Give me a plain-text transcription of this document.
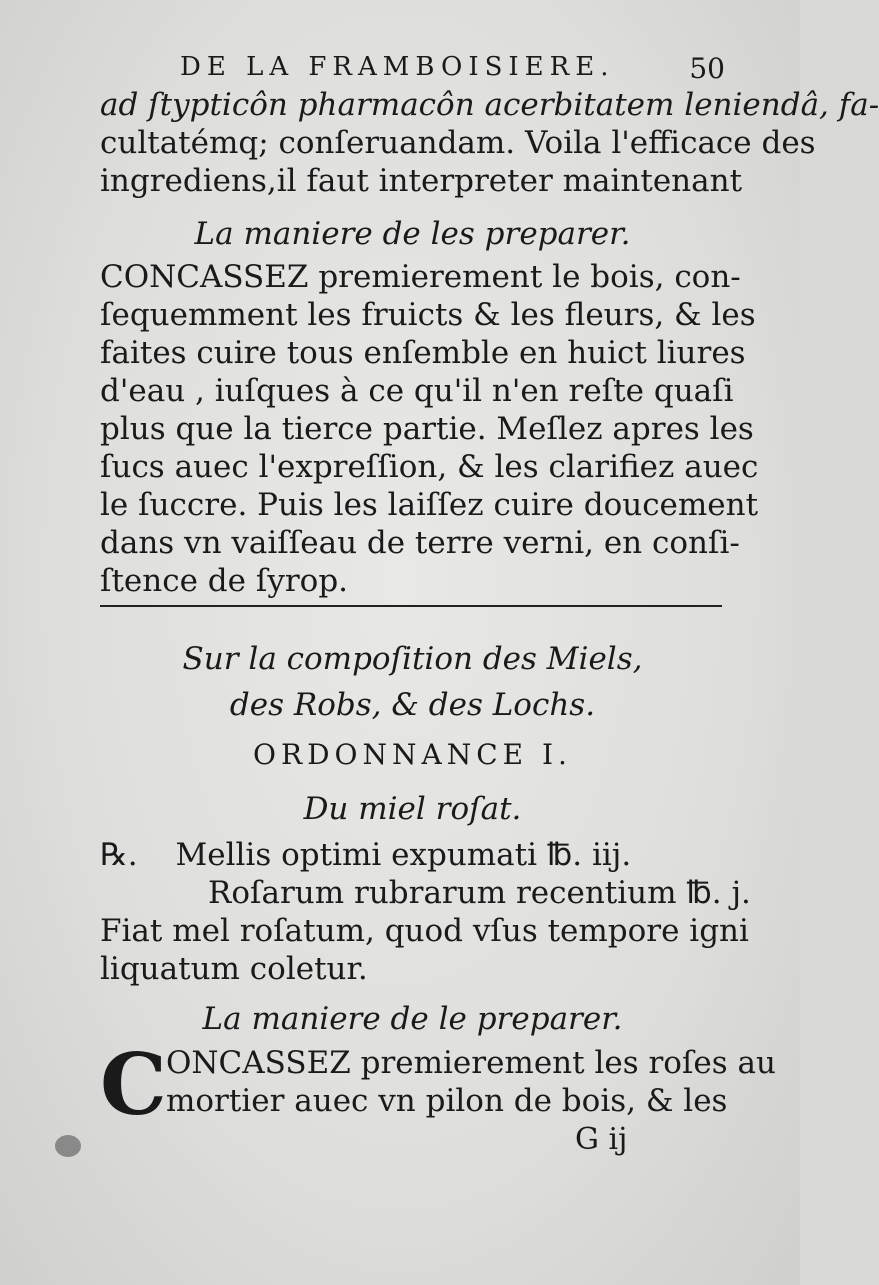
DE LA FRAMBOISIERE.	50
ad ſtypticôn pharmacôn acerbitatem leniendâ, fa-
cultatémq; conſeruandam. Voila l'efficace des
ingrediens,il faut interpreter maintenant
La maniere de les preparer.
CONCASSEZ premierement le bois, con-
ſequemment les fruicts & les fleurs, & les
faites cuire tous enſemble en huict liures
d'eau , iuſques à ce qu'il n'en reſte quaſi
plus que la tierce partie. Meſlez apres les
ſucs auec l'expreſſion, & les clarifiez auec
le ſuccre. Puis les laiſſez cuire doucement
dans vn vaiſſeau de terre verni, en conſi-
ſtence de ſyrop.
Sur la compoſition des Miels,
des Robs, & des Lochs.
ORDONNANCE I.
Du miel roſat.
℞. Mellis optimi expumati ℔. iij.
Roſarum rubrarum recentium ℔. j.
Fiat mel roſatum, quod vſus tempore igni
liquatum coletur.
La maniere de le preparer.
C ONCASSEZ premierement les roſes au
mortier auec vn pilon de bois, & les
G ij
